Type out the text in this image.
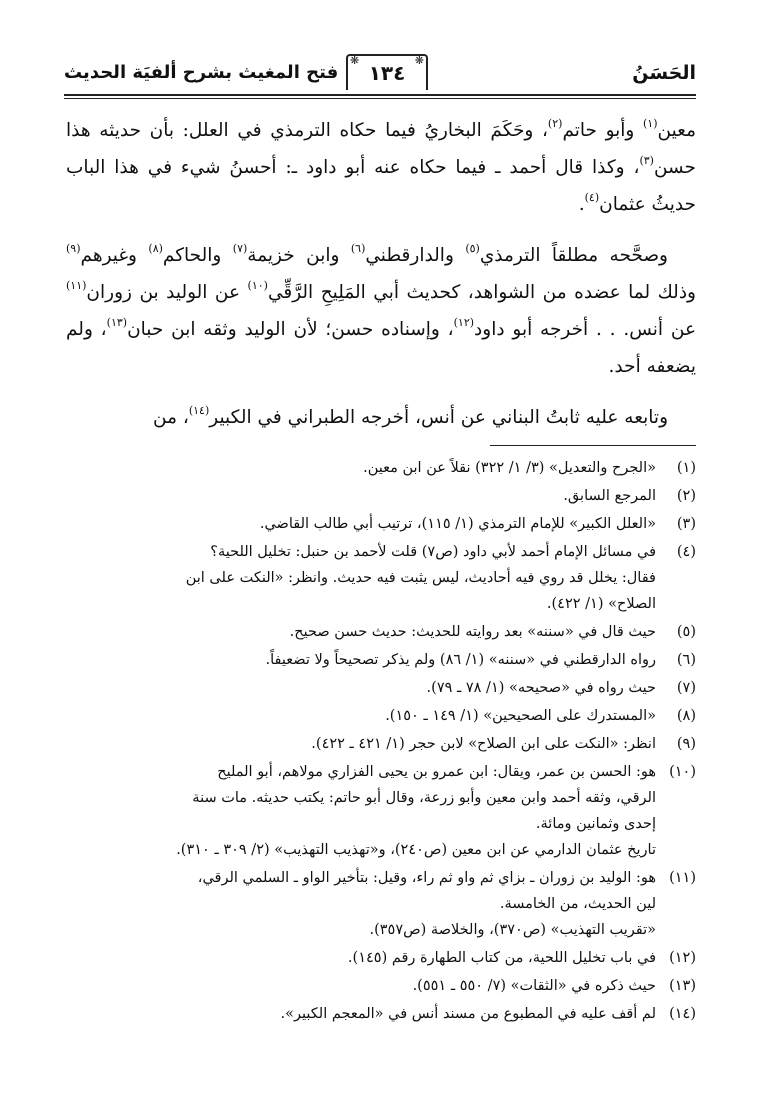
الحَسَنُ
❋
❋
١٣٤
فتح المغيث بشرح ألفيَة الحديث

معين$^{(١)}$ وأبو حاتم$^{(٢)}$، وحَكَمَ البخاريُ فيما حكاه الترمذي في العلل: بأن حديثه هذا حسن$^{(٣)}$، وكذا قال أحمد ـ فيما حكاه عنه أبو داود ـ: أحسنُ شيء في هذا الباب حديثُ عثمان$^{(٤)}$.

وصحَّحه مطلقاً الترمذي$^{(٥)}$ والدارقطني$^{(٦)}$ وابن خزيمة$^{(٧)}$ والحاكم$^{(٨)}$ وغيرهم$^{(٩)}$ وذلك لما عضده من الشواهد، كحديث أبي المَلِيحِ الرَّقِّي$^{(١٠)}$ عن الوليد بن زوران$^{(١١)}$ عن أنس. . . أخرجه أبو داود$^{(١٢)}$، وإسناده حسن؛ لأن الوليد وثقه ابن حبان$^{(١٣)}$، ولم يضعفه أحد.

وتابعه عليه ثابتُ البناني عن أنس، أخرجه الطبراني في الكبير$^{(١٤)}$، من

(١)
«الجرح والتعديل» (٣/ ١/ ٣٢٢) نقلاً عن ابن معين.
(٢)
المرجع السابق.
(٣)
«العلل الكبير» للإمام الترمذي (١/ ١١٥)، ترتيب أبي طالب القاضي.
(٤)
في مسائل الإمام أحمد لأبي داود (ص٧) قلت لأحمد بن حنبل: تخليل اللحية؟
فقال: يخلل قد روي فيه أحاديث، ليس يثبت فيه حديث. وانظر: «النكت على ابن
الصلاح» (١/ ٤٢٢).
(٥)
حيث قال في «سننه» بعد روايته للحديث: حديث حسن صحيح.
(٦)
رواه الدارقطني في «سننه» (١/ ٨٦) ولم يذكر تصحيحاً ولا تضعيفاً.
(٧)
حيث رواه في «صحيحه» (١/ ٧٨ ـ ٧٩).
(٨)
«المستدرك على الصحيحين» (١/ ١٤٩ ـ ١٥٠).
(٩)
انظر: «النكت على ابن الصلاح» لابن حجر (١/ ٤٢١ ـ ٤٢٢).
(١٠)
هو: الحسن بن عمر، ويقال: ابن عمرو بن يحيى الفزاري مولاهم، أبو المليح
الرقي، وثقه أحمد وابن معين وأبو زرعة، وقال أبو حاتم: يكتب حديثه. مات سنة
إحدى وثمانين ومائة.
تاريخ عثمان الدارمي عن ابن معين (ص٢٤٠)، و«تهذيب التهذيب» (٢/ ٣٠٩ ـ ٣١٠).
(١١)
هو: الوليد بن زوران ـ بزاي ثم واو ثم راء، وقيل: بتأخير الواو ـ السلمي الرقي،
لين الحديث، من الخامسة.
«تقريب التهذيب» (ص٣٧٠)، والخلاصة (ص٣٥٧).
(١٢)
في باب تخليل اللحية، من كتاب الطهارة رقم (١٤٥).
(١٣)
حيث ذكره في «الثقات» (٧/ ٥٥٠ ـ ٥٥١).
(١٤)
لم أقف عليه في المطبوع من مسند أنس في «المعجم الكبير».
